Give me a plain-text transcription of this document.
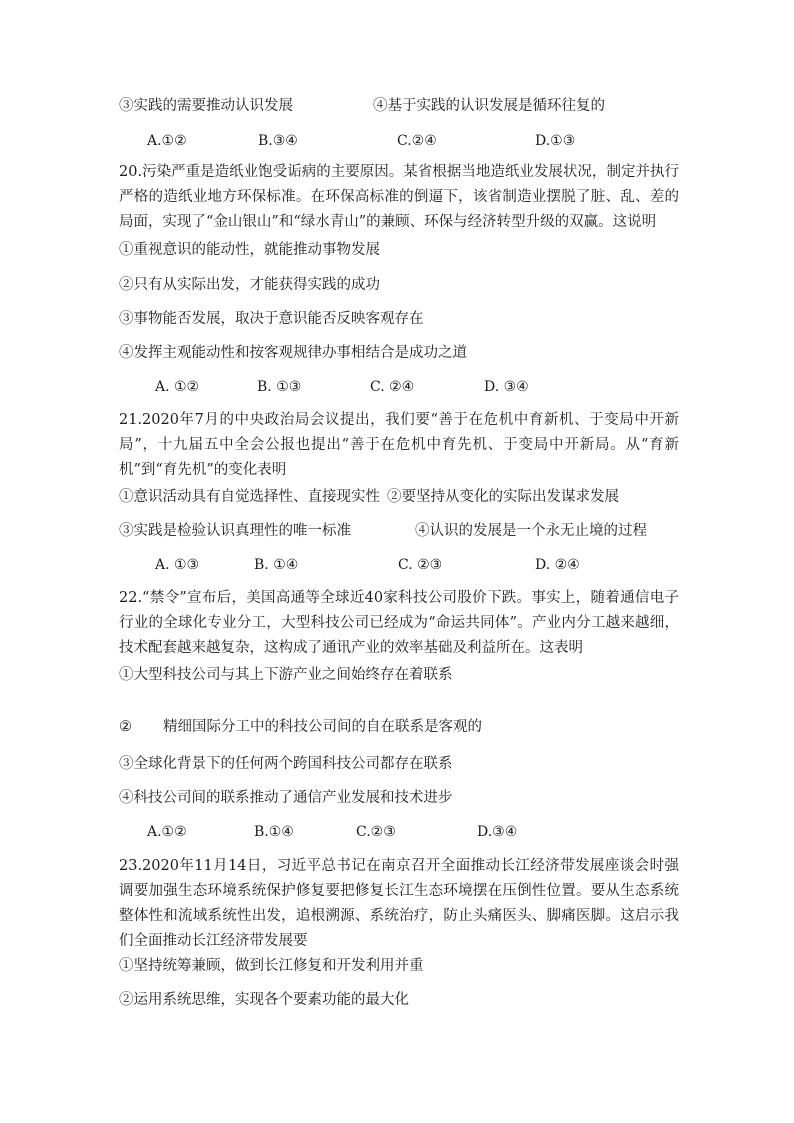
③实践的需要推动认识发展	④基于实践的认识发展是循环往复的
A.①②	B.③④	C.②④	D.①③
20.污染严重是造纸业饱受诟病的主要原因。某省根据当地造纸业发展状况，制定并执行严格的造纸业地方环保标准。在环保高标准的倒逼下，该省制造业摆脱了脏、乱、差的局面，实现了“金山银山”和“绿水青山”的兼顾、环保与经济转型升级的双赢。这说明
①重视意识的能动性，就能推动事物发展
②只有从实际出发，才能获得实践的成功
③事物能否发展，取决于意识能否反映客观存在
④发挥主观能动性和按客观规律办事相结合是成功之道
A. ①②	B. ①③	C. ②④	D. ③④
21.2020年7月的中央政治局会议提出，我们要“善于在危机中育新机、于变局中开新局”，十九届五中全会公报也提出“善于在危机中育先机、于变局中开新局。从“育新机”到“育先机”的变化表明
①意识活动具有自觉选择性、直接现实性 ②要坚持从变化的实际出发谋求发展
③实践是检验认识真理性的唯一标准	④认识的发展是一个永无止境的过程
A. ①③	B. ①④	C. ②③	D. ②④
22.“禁令”宣布后，美国高通等全球近40家科技公司股价下跌。事实上，随着通信电子行业的全球化专业分工，大型科技公司已经成为“命运共同体”。产业内分工越来越细，技术配套越来越复杂，这构成了通讯产业的效率基础及利益所在。这表明
①大型科技公司与其上下游产业之间始终存在着联系
② 精细国际分工中的科技公司间的自在联系是客观的
③全球化背景下的任何两个跨国科技公司都存在联系
④科技公司间的联系推动了通信产业发展和技术进步
A.①②	B.①④	C.②③	D.③④
23.2020年11月14日，习近平总书记在南京召开全面推动长江经济带发展座谈会时强调要加强生态环境系统保护修复要把修复长江生态环境摆在压倒性位置。要从生态系统整体性和流域系统性出发，追根溯源、系统治疗，防止头痛医头、脚痛医脚。这启示我们全面推动长江经济带发展要
①坚持统筹兼顾，做到长江修复和开发利用并重
②运用系统思维，实现各个要素功能的最大化
